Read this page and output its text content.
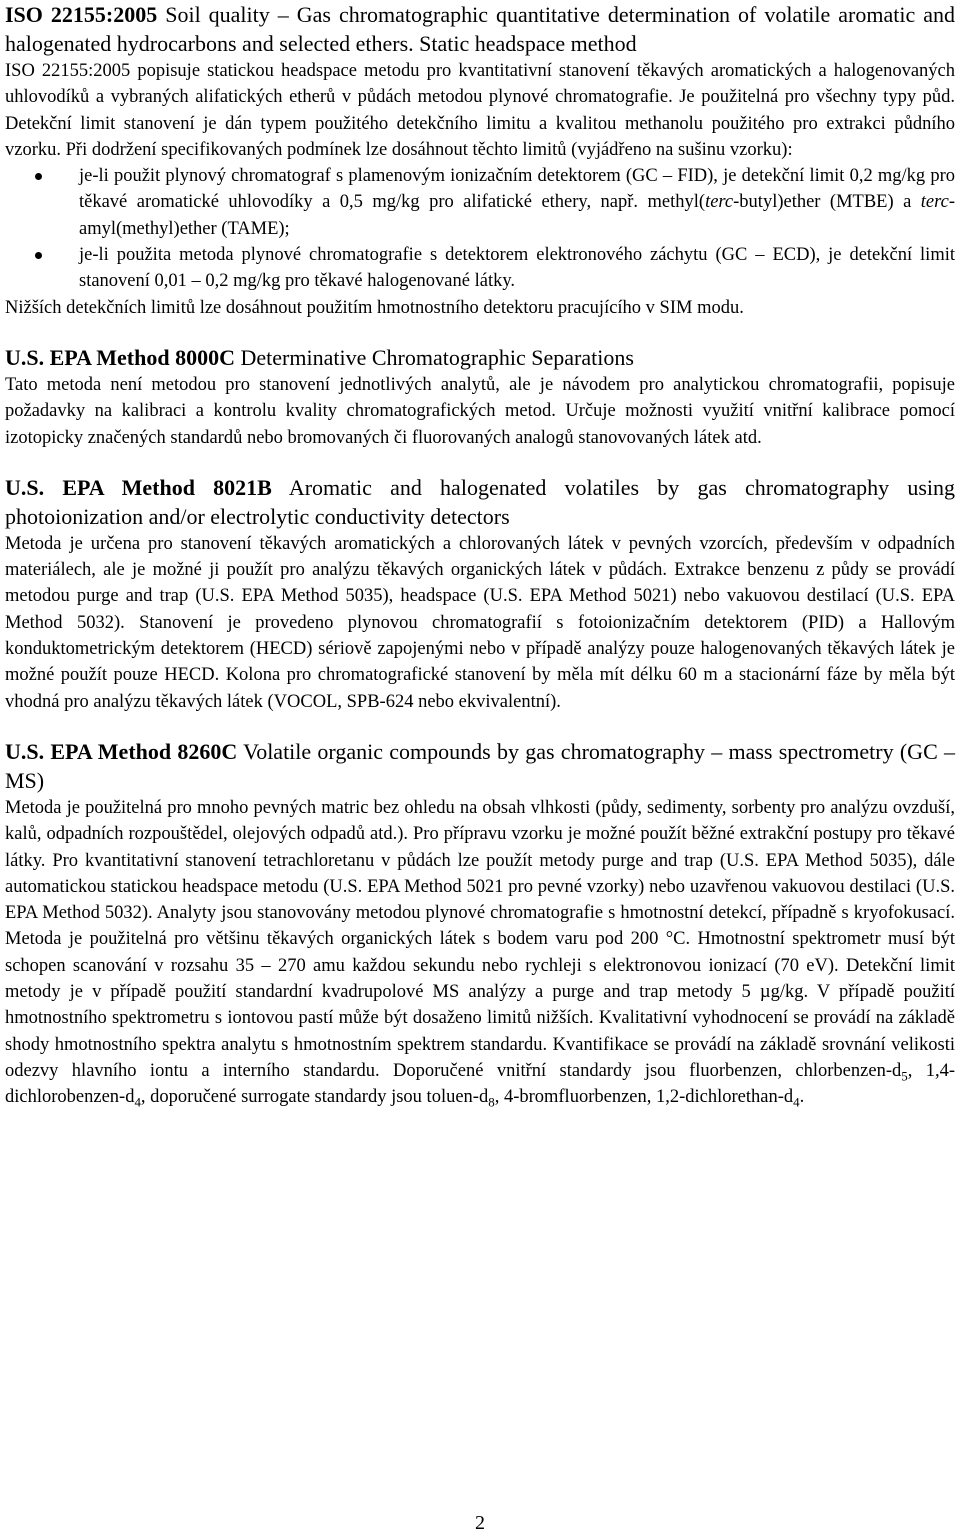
ISO 22155:2005 Soil quality – Gas chromatographic quantitative determination of volatile aromatic and halogenated hydrocarbons and selected ethers. Static headspace method

ISO 22155:2005 popisuje statickou headspace metodu pro kvantitativní stanovení těkavých aromatických a halogenovaných uhlovodíků a vybraných alifatických etherů v půdách metodou plynové chromatografie. Je použitelná pro všechny typy půd. Detekční limit stanovení je dán typem použitého detekčního limitu a kvalitou methanolu použitého pro extrakci půdního vzorku. Při dodržení specifikovaných podmínek lze dosáhnout těchto limitů (vyjádřeno na sušinu vzorku):

je-li použit plynový chromatograf s plamenovým ionizačním detektorem (GC – FID), je detekční limit 0,2 mg/kg pro těkavé aromatické uhlovodíky a 0,5 mg/kg pro alifatické ethery, např. methyl(terc-butyl)ether (MTBE) a terc-amyl(methyl)ether (TAME);

je-li použita metoda plynové chromatografie s detektorem elektronového záchytu (GC – ECD), je detekční limit stanovení 0,01 – 0,2 mg/kg pro těkavé halogenované látky.

Nižších detekčních limitů lze dosáhnout použitím hmotnostního detektoru pracujícího v SIM modu.

U.S. EPA Method 8000C Determinative Chromatographic Separations

Tato metoda není metodou pro stanovení jednotlivých analytů, ale je návodem pro analytickou chromatografii, popisuje požadavky na kalibraci a kontrolu kvality chromatografických metod. Určuje možnosti využití vnitřní kalibrace pomocí izotopicky značených standardů nebo bromovaných či fluorovaných analogů stanovovaných látek atd.

U.S. EPA Method 8021B Aromatic and halogenated volatiles by gas chromatography using photoionization and/or electrolytic conductivity detectors

Metoda je určena pro stanovení těkavých aromatických a chlorovaných látek v pevných vzorcích, především v odpadních materiálech, ale je možné ji použít pro analýzu těkavých organických látek v půdách. Extrakce benzenu z půdy se provádí metodou purge and trap (U.S. EPA Method 5035), headspace (U.S. EPA Method 5021) nebo vakuovou destilací (U.S. EPA Method 5032). Stanovení je provedeno plynovou chromatografií s fotoionizačním detektorem (PID) a Hallovým konduktometrickým detektorem (HECD) sériově zapojenými nebo v případě analýzy pouze halogenovaných těkavých látek je možné použít pouze HECD. Kolona pro chromatografické stanovení by měla mít délku 60 m a stacionární fáze by měla být vhodná pro analýzu těkavých látek (VOCOL, SPB-624 nebo ekvivalentní).

U.S. EPA Method 8260C Volatile organic compounds by gas chromatography – mass spectrometry (GC – MS)

Metoda je použitelná pro mnoho pevných matric bez ohledu na obsah vlhkosti (půdy, sedimenty, sorbenty pro analýzu ovzduší, kalů, odpadních rozpouštědel, olejových odpadů atd.). Pro přípravu vzorku je možné použít běžné extrakční postupy pro těkavé látky. Pro kvantitativní stanovení tetrachloretanu v půdách lze použít metody purge and trap (U.S. EPA Method 5035), dále automatickou statickou headspace metodu (U.S. EPA Method 5021 pro pevné vzorky) nebo uzavřenou vakuovou destilaci (U.S. EPA Method 5032). Analyty jsou stanovovány metodou plynové chromatografie s hmotnostní detekcí, případně s kryofokusací. Metoda je použitelná pro většinu těkavých organických látek s bodem varu pod 200 °C. Hmotnostní spektrometr musí být schopen scanování v rozsahu 35 – 270 amu každou sekundu nebo rychleji s elektronovou ionizací (70 eV). Detekční limit metody je v případě použití standardní kvadrupolové MS analýzy a purge and trap metody 5 µg/kg. V případě použití hmotnostního spektrometru s iontovou pastí může být dosaženo limitů nižších. Kvalitativní vyhodnocení se provádí na základě shody hmotnostního spektra analytu s hmotnostním spektrem standardu. Kvantifikace se provádí na základě srovnání velikosti odezvy hlavního iontu a interního standardu. Doporučené vnitřní standardy jsou fluorbenzen, chlorbenzen-$d_5$, $1,4-dichlorobenzen-d_4$, doporučené surrogate standardy jsou toluen-$d_8$, 4-bromfluorbenzen, $1,2-dichlorethan-d_4$.

2
